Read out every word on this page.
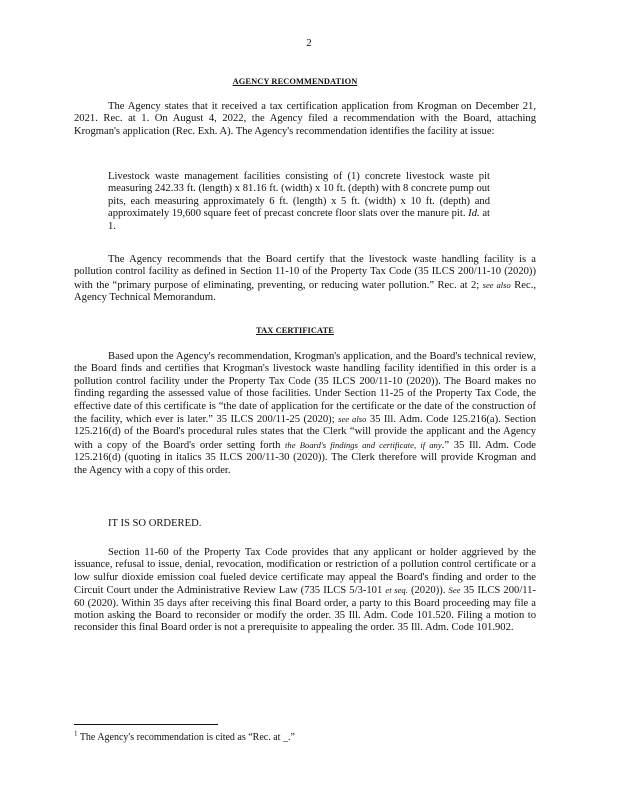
2
AGENCY RECOMMENDATION
The Agency states that it received a tax certification application from Krogman on December 21, 2021. Rec. at 1. On August 4, 2022, the Agency filed a recommendation with the Board, attaching Krogman's application (Rec. Exh. A). The Agency's recommendation identifies the facility at issue:
Livestock waste management facilities consisting of (1) concrete livestock waste pit measuring 242.33 ft. (length) x 81.16 ft. (width) x 10 ft. (depth) with 8 concrete pump out pits, each measuring approximately 6 ft. (length) x 5 ft. (width) x 10 ft. (depth) and approximately 19,600 square feet of precast concrete floor slats over the manure pit. Id. at 1.
The Agency recommends that the Board certify that the livestock waste handling facility is a pollution control facility as defined in Section 11-10 of the Property Tax Code (35 ILCS 200/11-10 (2020)) with the “primary purpose of eliminating, preventing, or reducing water pollution.” Rec. at 2; see also Rec., Agency Technical Memorandum.
TAX CERTIFICATE
Based upon the Agency's recommendation, Krogman's application, and the Board's technical review, the Board finds and certifies that Krogman's livestock waste handling facility identified in this order is a pollution control facility under the Property Tax Code (35 ILCS 200/11-10 (2020)). The Board makes no finding regarding the assessed value of those facilities. Under Section 11-25 of the Property Tax Code, the effective date of this certificate is “the date of application for the certificate or the date of the construction of the facility, which ever is later.” 35 ILCS 200/11-25 (2020); see also 35 Ill. Adm. Code 125.216(a). Section 125.216(d) of the Board's procedural rules states that the Clerk “will provide the applicant and the Agency with a copy of the Board's order setting forth the Board's findings and certificate, if any.” 35 Ill. Adm. Code 125.216(d) (quoting in italics 35 ILCS 200/11-30 (2020)). The Clerk therefore will provide Krogman and the Agency with a copy of this order.
IT IS SO ORDERED.
Section 11-60 of the Property Tax Code provides that any applicant or holder aggrieved by the issuance, refusal to issue, denial, revocation, modification or restriction of a pollution control certificate or a low sulfur dioxide emission coal fueled device certificate may appeal the Board's finding and order to the Circuit Court under the Administrative Review Law (735 ILCS 5/3-101 et seq. (2020)). See 35 ILCS 200/11-60 (2020). Within 35 days after receiving this final Board order, a party to this Board proceeding may file a motion asking the Board to reconsider or modify the order. 35 Ill. Adm. Code 101.520. Filing a motion to reconsider this final Board order is not a prerequisite to appealing the order. 35 Ill. Adm. Code 101.902.
$^1$ The Agency's recommendation is cited as “Rec. at _.”
